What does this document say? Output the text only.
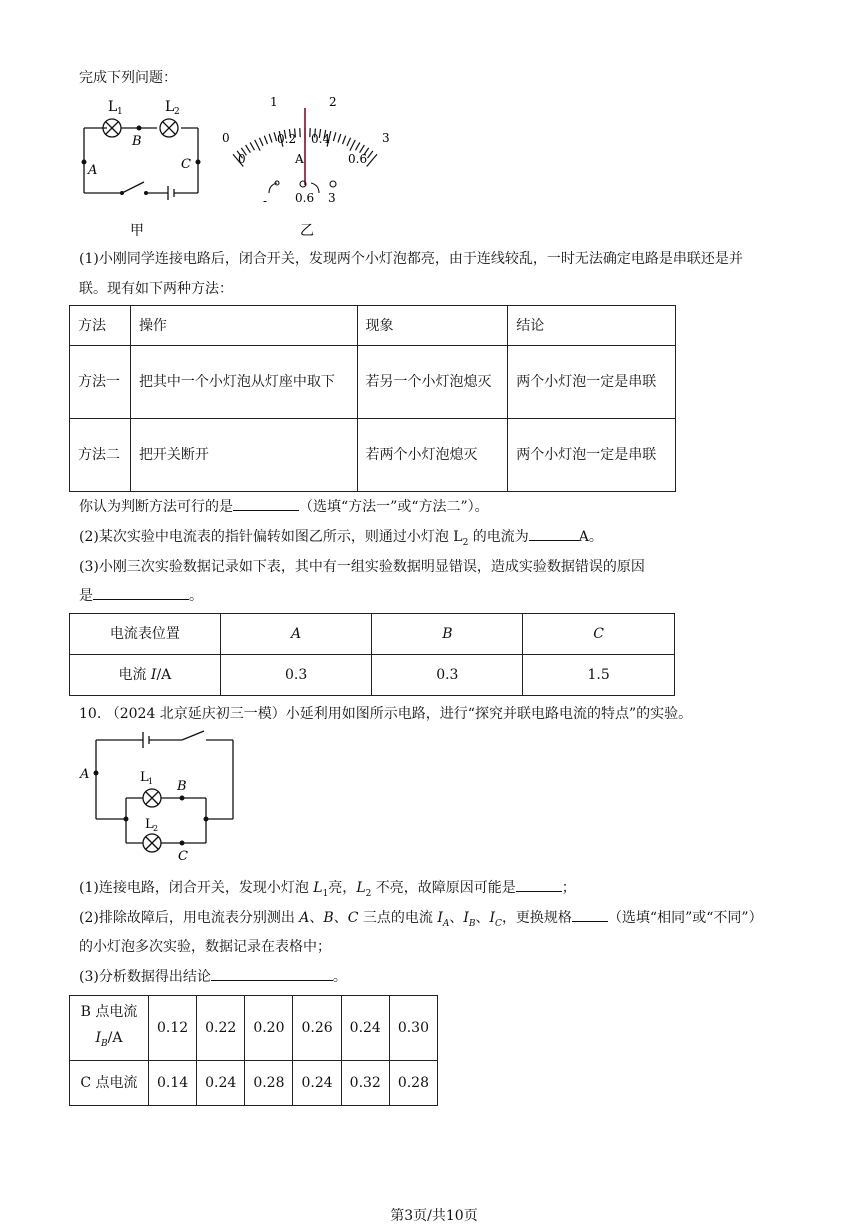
完成下列问题：
L 1	L 2
B
A	C
甲
0
1	2
3
0
0.2 0.4
0.6
A
- 0.6 3
乙
(1)小刚同学连接电路后，闭合开关，发现两个小灯泡都亮，由于连线较乱，一时无法确定电路是串联还是并
联。现有如下两种方法：
方法	操作	现象	结论
方法一	把其中一个小灯泡从灯座中取下	若另一个小灯泡熄灭	两个小灯泡一定是串联
方法二	把开关断开	若两个小灯泡熄灭	两个小灯泡一定是串联
你认为判断方法可行的是	（选填“方法一”或“方法二”）。
(2)某次实验中电流表的指针偏转如图乙所示，则通过小灯泡 $L_2$ 的电流为	A。
(3)小刚三次实验数据记录如下表，其中有一组实验数据明显错误，造成实验数据错误的原因
是	。
电流表位置	A	B	C
电流 I/A	0.3	0.3	1.5
10. （2024 北京延庆初三一模）小延利用如图所示电路，进行“探究并联电路电流的特点”的实验。
A
B
C
L 1
L 2
(1)连接电路，闭合开关，发现小灯泡 $L_1$亮，$L_2$ 不亮，故障原因可能是	；
(2)排除故障后，用电流表分别测出 A、B、C 三点的电流 $I_A$、$I_B$、$I_C$，更换规格	（选填“相同”或“不同”）
的小灯泡多次实验，数据记录在表格中；
(3)分析数据得出结论	。
B 点电流
$I_B/A$	0.12	0.22	0.20	0.26	0.24	0.30
C 点电流	0.14	0.24	0.28	0.24	0.32	0.28
第3页/共10页
